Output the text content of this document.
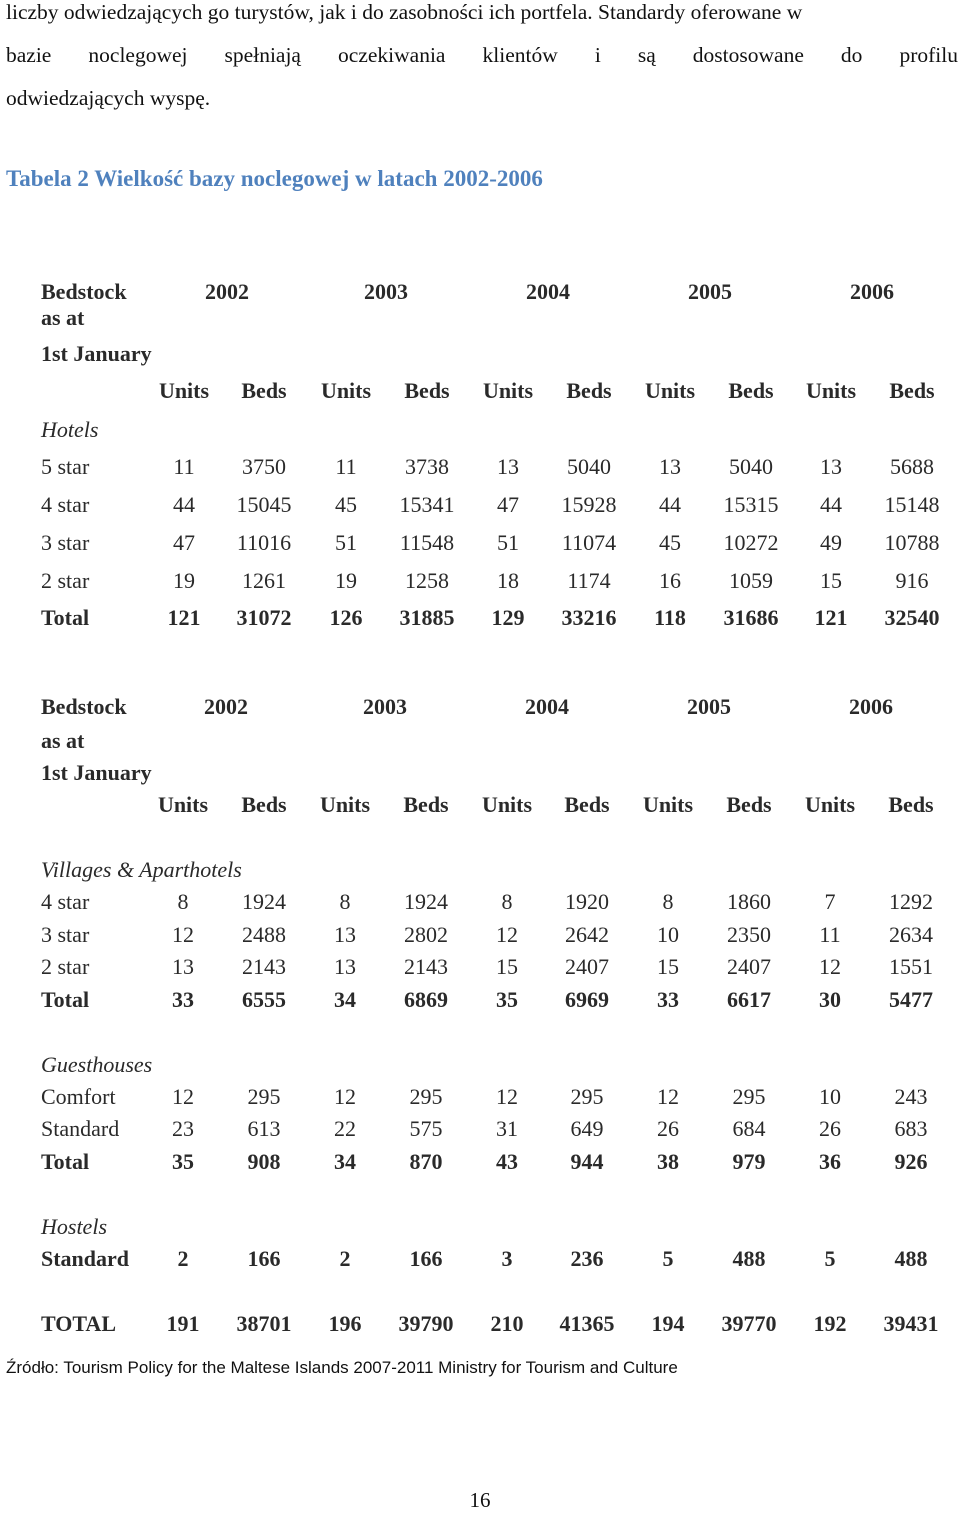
liczby odwiedzających go turystów, jak i do zasobności ich portfela. Standardy oferowane w
bazie noclegowej spełniają oczekiwania klientów i są dostosowane do profilu
odwiedzających wyspę.
Tabela 2 Wielkość bazy noclegowej w latach 2002-2006
Bedstock
as at
1st January
2002	2003	2004	2005	2006
Units	Beds	Units	Beds	Units	Beds	Units	Beds	Units	Beds
Hotels
5 star	11	3750	11	3738	13	5040	13	5040	13	5688
4 star	44	15045	45	15341	47	15928	44	15315	44	15148
3 star	47	11016	51	11548	51	11074	45	10272	49	10788
2 star	19	1261	19	1258	18	1174	16	1059	15	916
Total	121	31072	126	31885	129	33216	118	31686	121	32540
Bedstock
as at
1st January
2002	2003	2004	2005	2006
Units	Beds	Units	Beds	Units	Beds	Units	Beds	Units	Beds
Villages & Aparthotels
4 star	8	1924	8	1924	8	1920	8	1860	7	1292
3 star	12	2488	13	2802	12	2642	10	2350	11	2634
2 star	13	2143	13	2143	15	2407	15	2407	12	1551
Total	33	6555	34	6869	35	6969	33	6617	30	5477
Guesthouses
Comfort	12	295	12	295	12	295	12	295	10	243
Standard	23	613	22	575	31	649	26	684	26	683
Total	35	908	34	870	43	944	38	979	36	926
Hostels
Standard	2	166	2	166	3	236	5	488	5	488
TOTAL	191	38701	196	39790	210	41365	194	39770	192	39431
Źródło: Tourism Policy for the Maltese Islands 2007-2011 Ministry for Tourism and Culture
16
